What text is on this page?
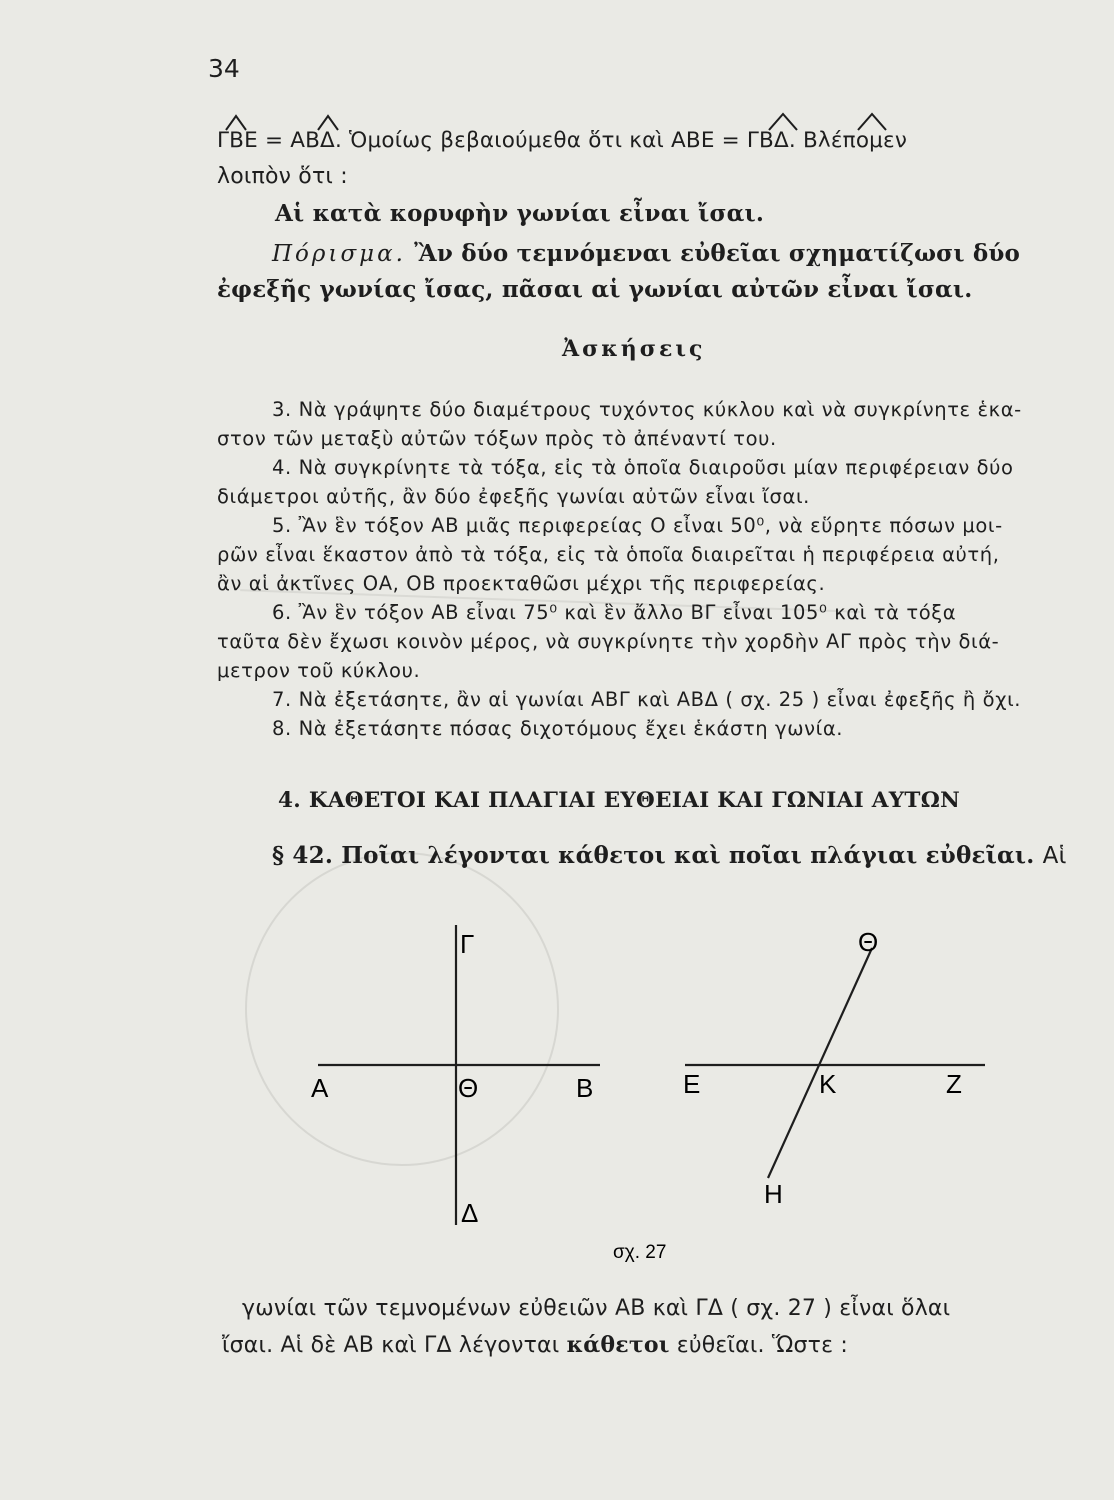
34
ΓΒΕ = ΑΒΔ. Ὁμοίως βεβαιούμεθα ὅτι καὶ ΑΒΕ = ΓΒΔ. Βλέπομεν
λοιπὸν ὅτι :
Αἱ κατὰ κορυφὴν γωνίαι εἶναι ἴσαι.
Πόρισμα. Ἂν δύο τεμνόμεναι εὐθεῖαι σχηματίζωσι δύο
ἐφεξῆς γωνίας ἴσας, πᾶσαι αἱ γωνίαι αὐτῶν εἶναι ἴσαι.
Ἀσκήσεις
3. Νὰ γράψητε δύο διαμέτρους τυχόντος κύκλου καὶ νὰ συγκρίνητε ἑκα-
στον τῶν μεταξὺ αὐτῶν τόξων πρὸς τὸ ἀπέναντί του.
4. Νὰ συγκρίνητε τὰ τόξα, εἰς τὰ ὁποῖα διαιροῦσι μίαν περιφέρειαν δύο
διάμετροι αὐτῆς, ἂν δύο ἐφεξῆς γωνίαι αὐτῶν εἶναι ἴσαι.
5. Ἂν ἓν τόξον ΑΒ μιᾶς περιφερείας Ο εἶναι 50⁰, νὰ εὕρητε πόσων μοι-
ρῶν εἶναι ἕκαστον ἀπὸ τὰ τόξα, εἰς τὰ ὁποῖα διαιρεῖται ἡ περιφέρεια αὐτή,
ἂν αἱ ἀκτῖνες ΟΑ, ΟΒ προεκταθῶσι μέχρι τῆς περιφερείας.
6. Ἂν ἓν τόξον ΑΒ εἶναι 75⁰ καὶ ἓν ἄλλο ΒΓ εἶναι 105⁰ καὶ τὰ τόξα
ταῦτα δὲν ἔχωσι κοινὸν μέρος, νὰ συγκρίνητε τὴν χορδὴν ΑΓ πρὸς τὴν διά-
μετρον τοῦ κύκλου.
7. Νὰ ἐξετάσητε, ἂν αἱ γωνίαι ΑΒΓ καὶ ΑΒΔ ( σχ. 25 ) εἶναι ἐφεξῆς ἢ ὄχι.
8. Νὰ ἐξετάσητε πόσας διχοτόμους ἔχει ἑκάστη γωνία.
4. ΚΑΘΕΤΟΙ ΚΑΙ ΠΛΑΓΙΑΙ ΕΥΘΕΙΑΙ ΚΑΙ ΓΩΝΙΑΙ ΑΥΤΩΝ
§ 42. Ποῖαι λέγονται κάθετοι καὶ ποῖαι πλάγιαι εὐθεῖαι. Αἱ
Γ
Α	Θ	Β
Δ
Θ
Ε	Κ	Ζ
Η
σχ. 27
γωνίαι τῶν τεμνομένων εὐθειῶν ΑΒ καὶ ΓΔ ( σχ. 27 ) εἶναι ὅλαι
ἴσαι. Αἱ δὲ ΑΒ καὶ ΓΔ λέγονται κάθετοι εὐθεῖαι. Ὥστε :
